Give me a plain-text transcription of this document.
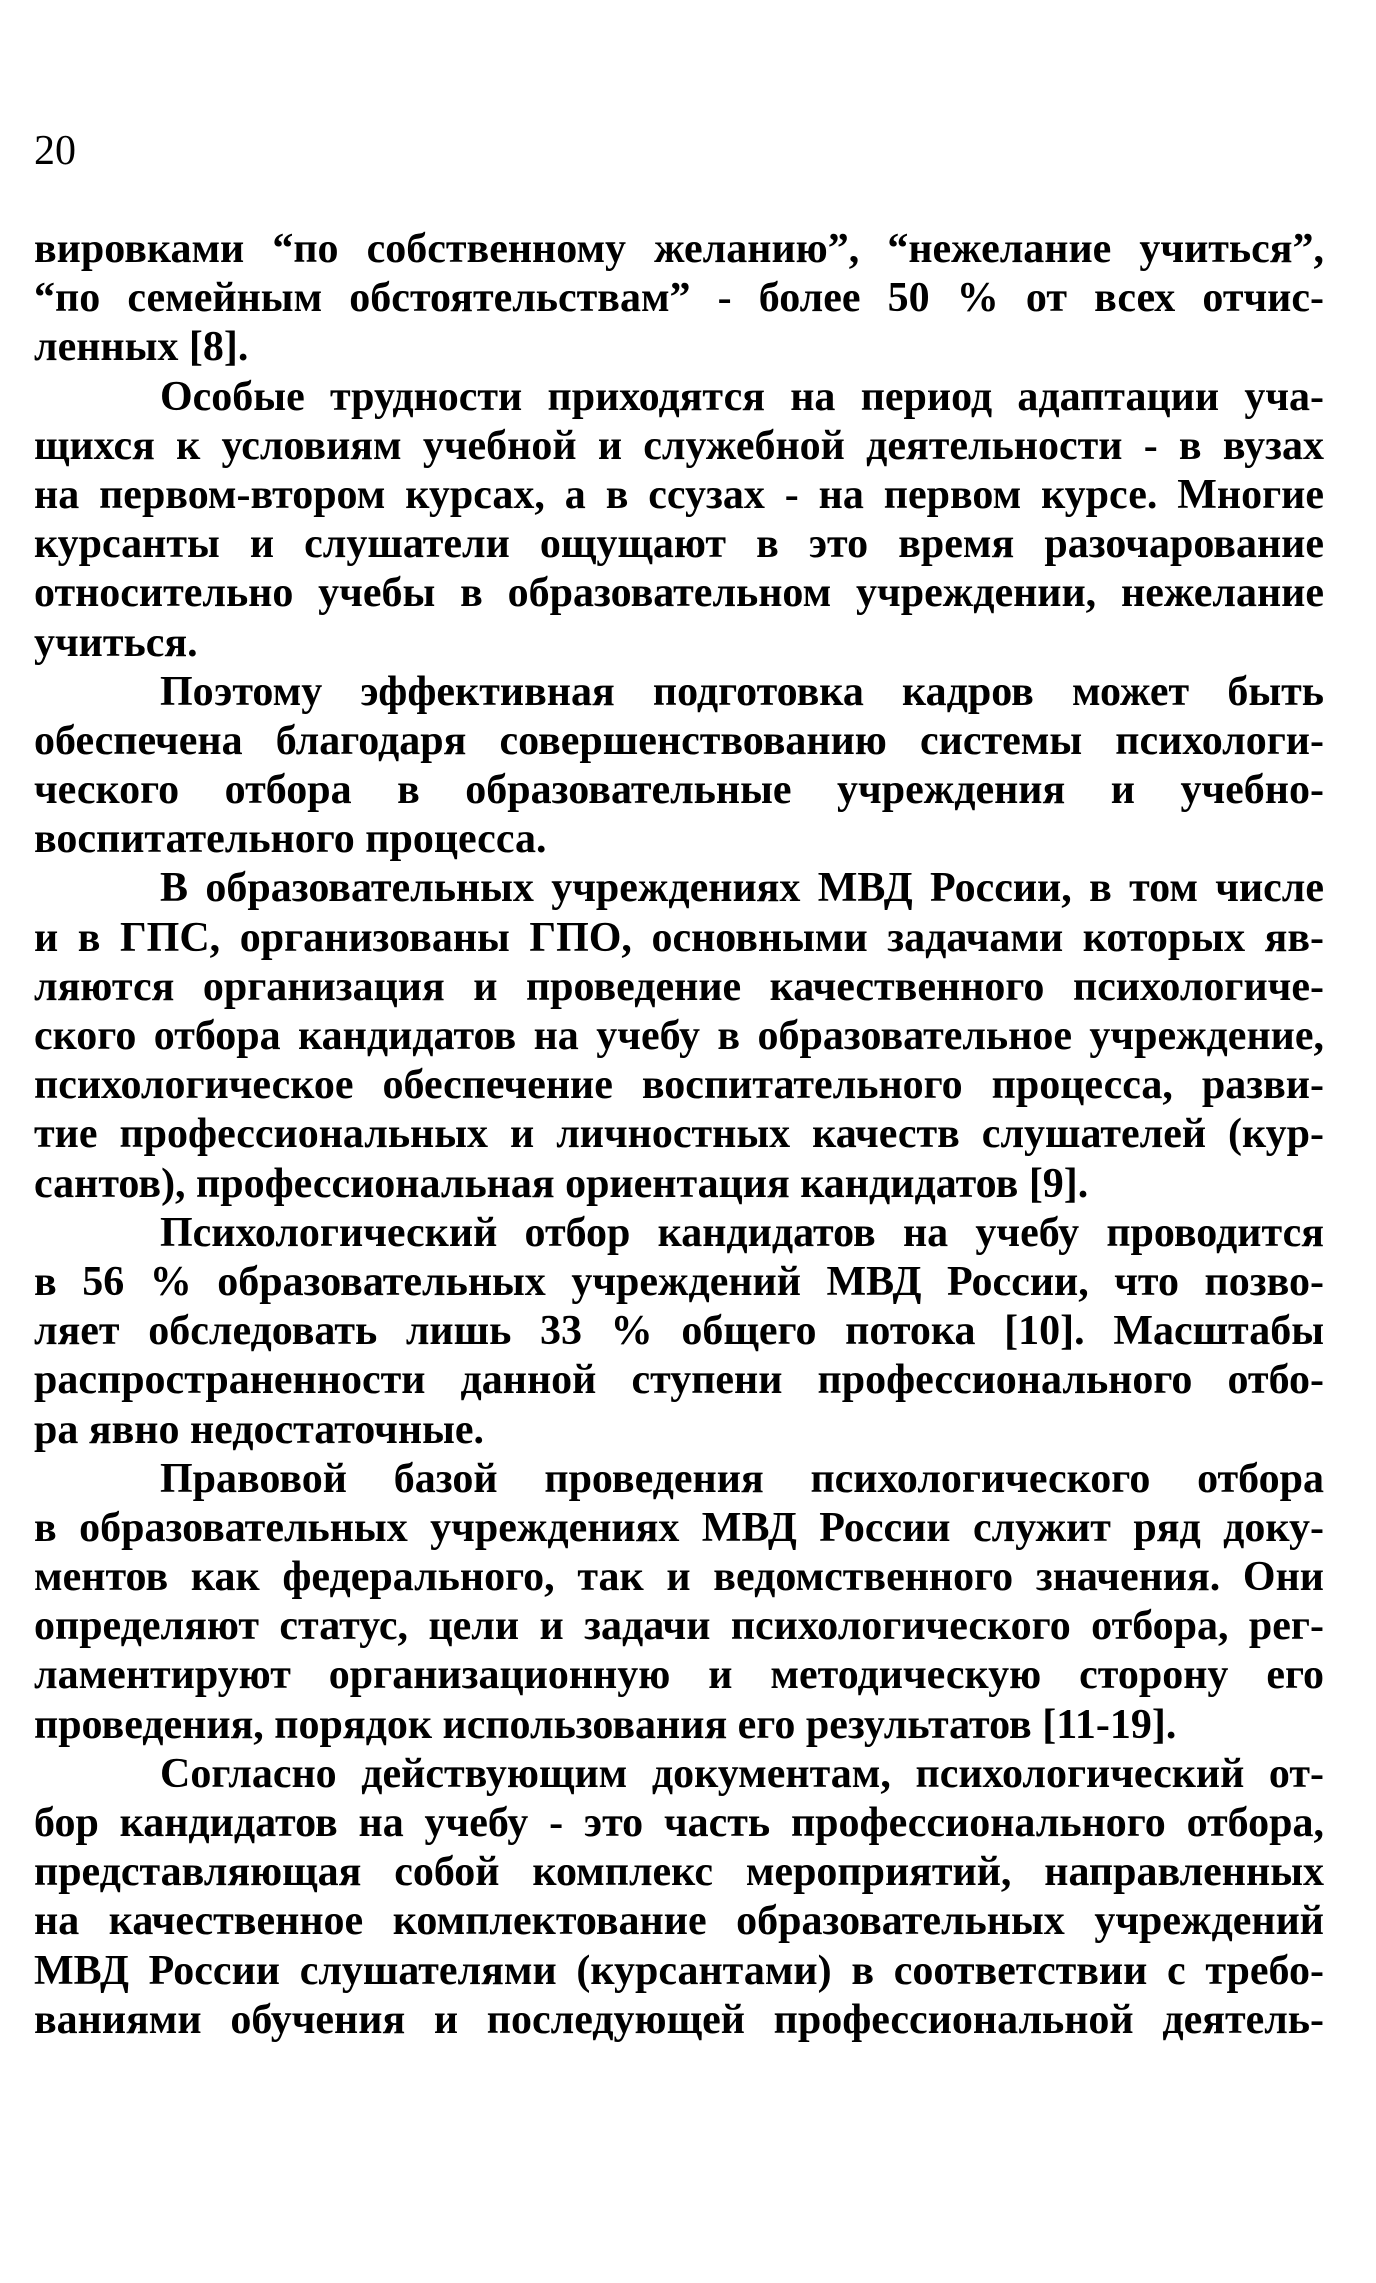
20
вировками “по собственному желанию”, “нежелание учиться”,
“по семейным обстоятельствам” - более 50 % от всех отчис-
ленных [8].
Особые трудности приходятся на период адаптации уча-
щихся к условиям учебной и служебной деятельности - в вузах
на первом-втором курсах, а в ссузах - на первом курсе. Многие
курсанты и слушатели ощущают в это время разочарование
относительно учебы в образовательном учреждении, нежелание
учиться.
Поэтому эффективная подготовка кадров может быть
обеспечена благодаря совершенствованию системы психологи-
ческого отбора в образовательные учреждения и учебно-
воспитательного процесса.
В образовательных учреждениях МВД России, в том числе
и в ГПС, организованы ГПО, основными задачами которых яв-
ляются организация и проведение качественного психологиче-
ского отбора кандидатов на учебу в образовательное учреждение,
психологическое обеспечение воспитательного процесса, разви-
тие профессиональных и личностных качеств слушателей (кур-
сантов), профессиональная ориентация кандидатов [9].
Психологический отбор кандидатов на учебу проводится
в 56 % образовательных учреждений МВД России, что позво-
ляет обследовать лишь 33 % общего потока [10]. Масштабы
распространенности данной ступени профессионального отбо-
ра явно недостаточные.
Правовой базой проведения психологического отбора
в образовательных учреждениях МВД России служит ряд доку-
ментов как федерального, так и ведомственного значения. Они
определяют статус, цели и задачи психологического отбора, рег-
ламентируют организационную и методическую сторону его
проведения, порядок использования его результатов [11-19].
Согласно действующим документам, психологический от-
бор кандидатов на учебу - это часть профессионального отбора,
представляющая собой комплекс мероприятий, направленных
на качественное комплектование образовательных учреждений
МВД России слушателями (курсантами) в соответствии с требо-
ваниями обучения и последующей профессиональной деятель-
